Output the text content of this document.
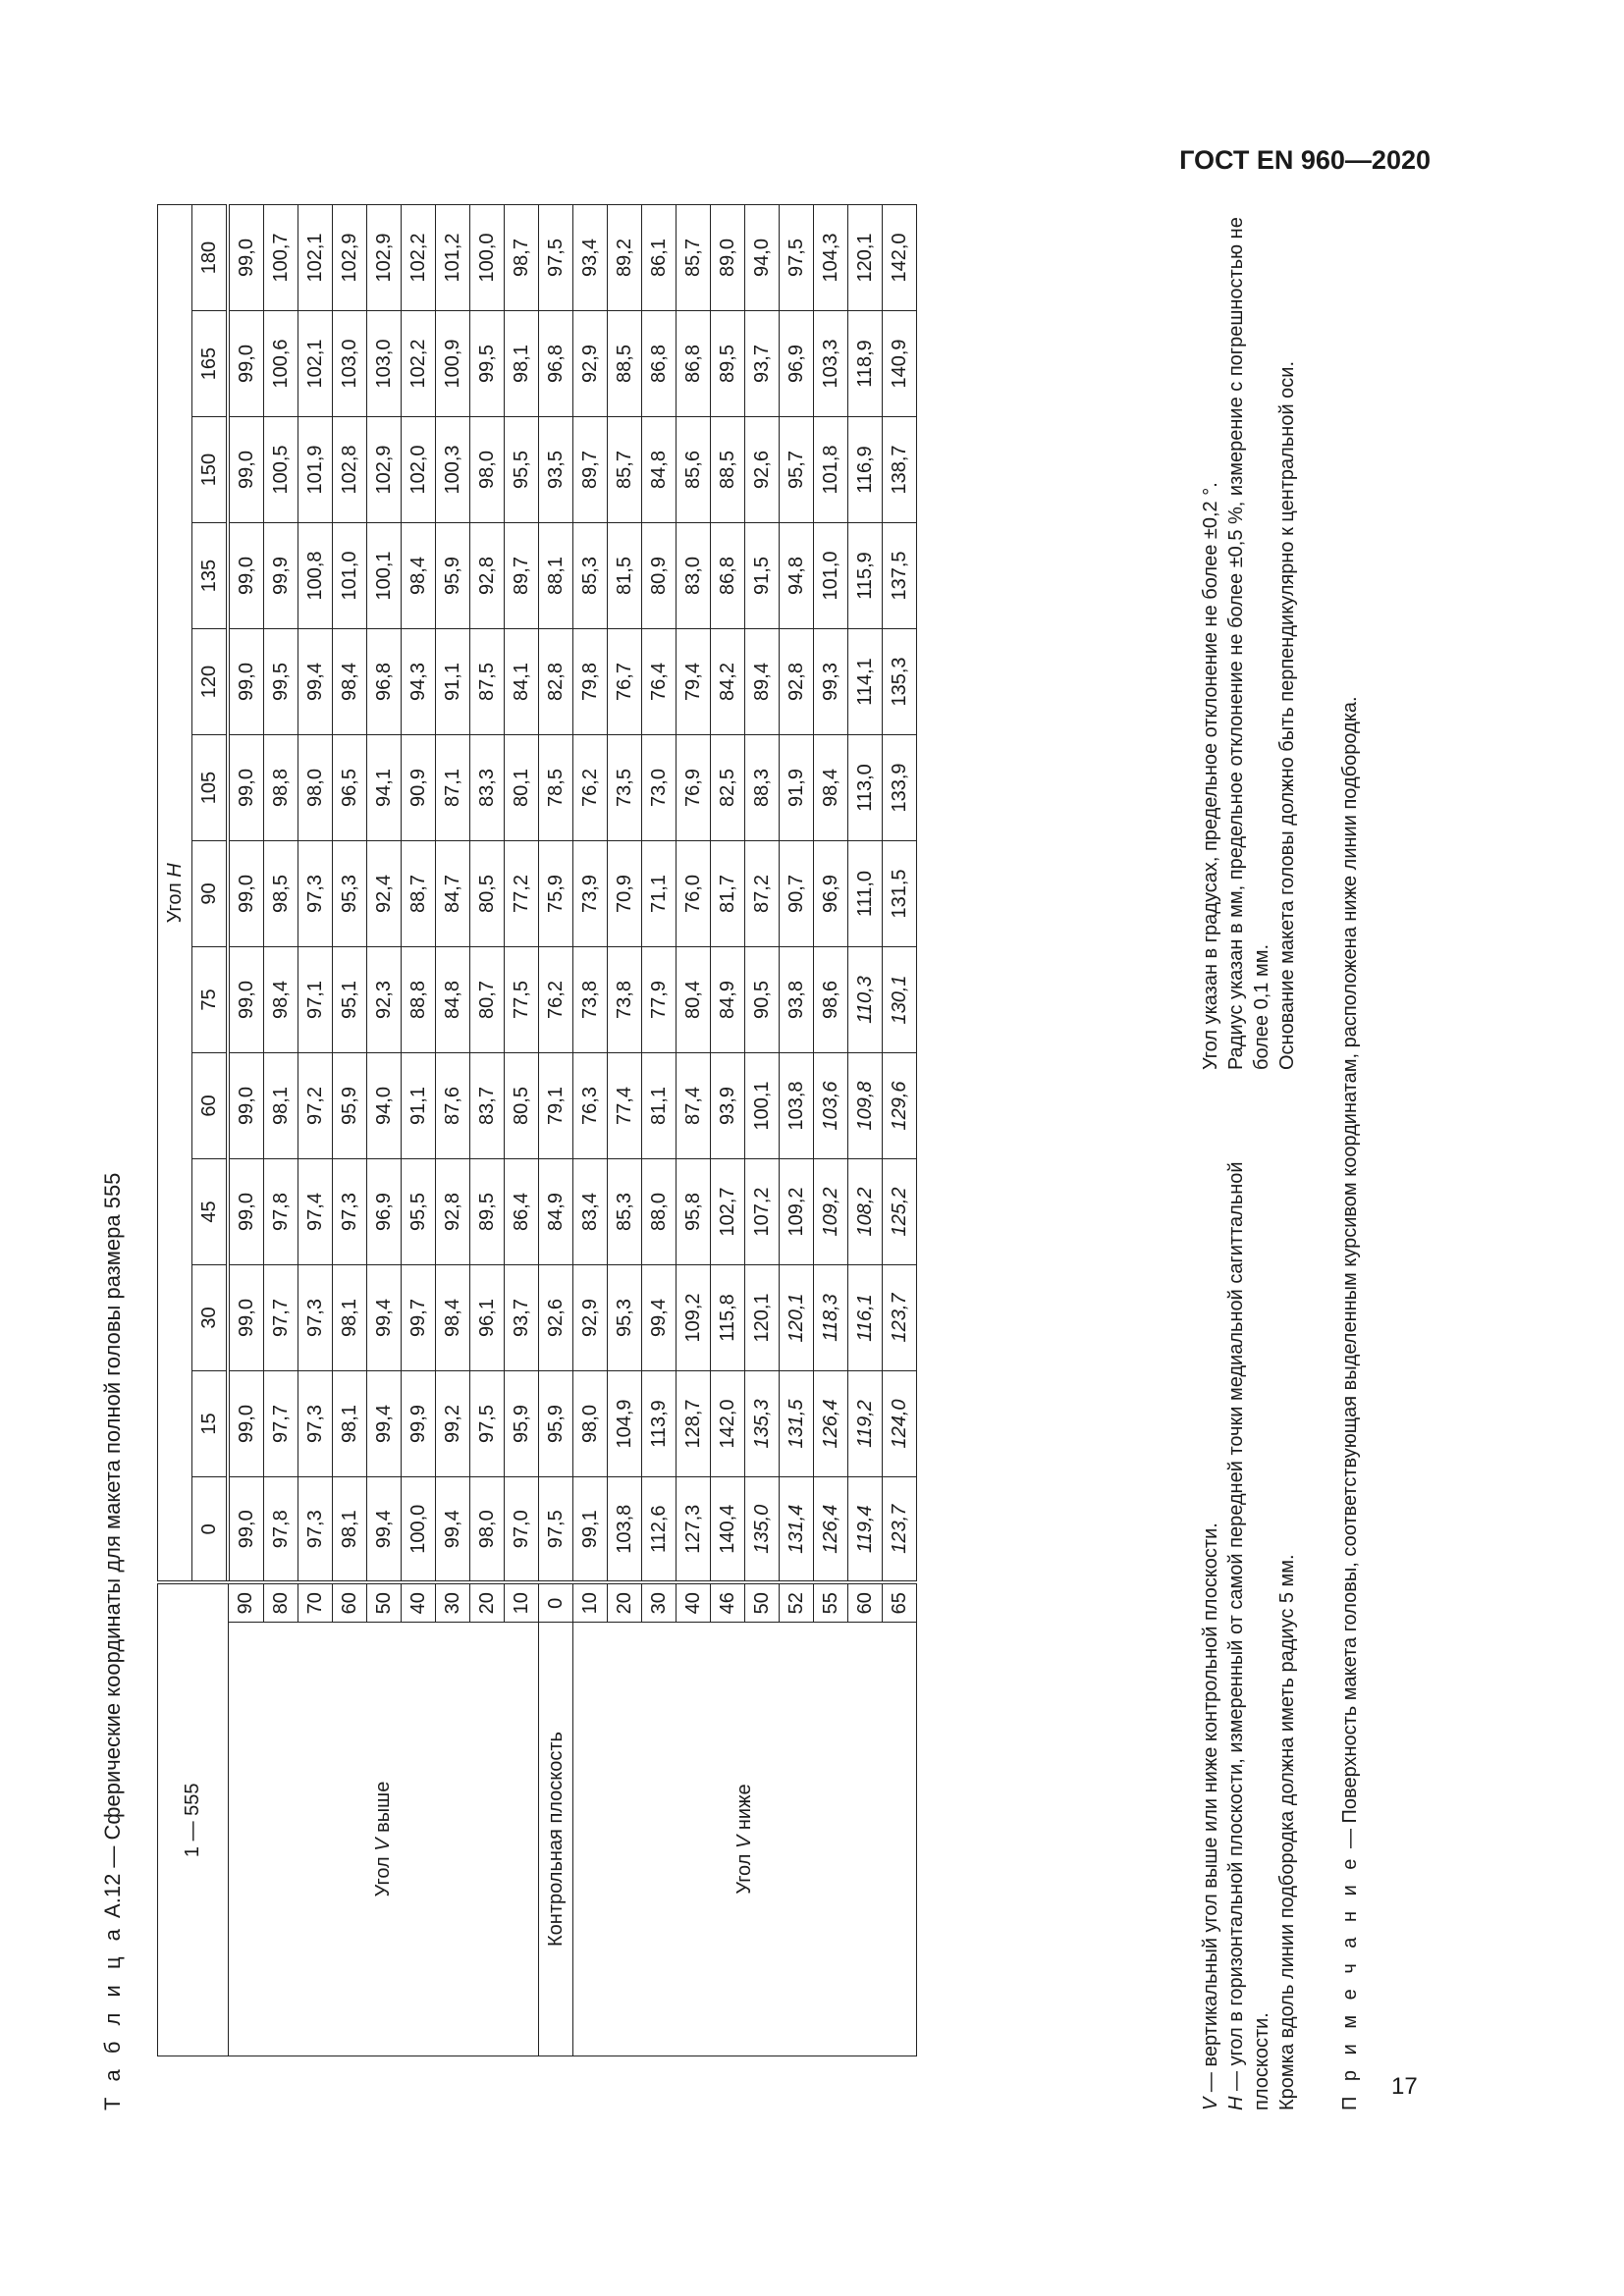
ГОСТ EN 960—2020
17
Т а б л и ц а А.12 — Сферические координаты для макета полной головы размера 555	1 — 555		Угол H												
		0	15	30	45	60	75	90	105	120	135	150	165	180
Угол V выше	90	99,0	99,0	99,0	99,0	99,0	99,0	99,0	99,0	99,0	99,0	99,0	99,0	99,0
	80	97,8	97,7	97,7	97,8	98,1	98,4	98,5	98,8	99,5	99,9	100,5	100,6	100,7
	70	97,3	97,3	97,3	97,4	97,2	97,1	97,3	98,0	99,4	100,8	101,9	102,1	102,1
	60	98,1	98,1	98,1	97,3	95,9	95,1	95,3	96,5	98,4	101,0	102,8	103,0	102,9
	50	99,4	99,4	99,4	96,9	94,0	92,3	92,4	94,1	96,8	100,1	102,9	103,0	102,9
	40	100,0	99,9	99,7	95,5	91,1	88,8	88,7	90,9	94,3	98,4	102,0	102,2	102,2
	30	99,4	99,2	98,4	92,8	87,6	84,8	84,7	87,1	91,1	95,9	100,3	100,9	101,2
	20	98,0	97,5	96,1	89,5	83,7	80,7	80,5	83,3	87,5	92,8	98,0	99,5	100,0
	10	97,0	95,9	93,7	86,4	80,5	77,5	77,2	80,1	84,1	89,7	95,5	98,1	98,7
Контрольная плоскость	0	97,5	95,9	92,6	84,9	79,1	76,2	75,9	78,5	82,8	88,1	93,5	96,8	97,5
Угол V ниже	10	99,1	98,0	92,9	83,4	76,3	73,8	73,9	76,2	79,8	85,3	89,7	92,9	93,4
	20	103,8	104,9	95,3	85,3	77,4	73,8	70,9	73,5	76,7	81,5	85,7	88,5	89,2
	30	112,6	113,9	99,4	88,0	81,1	77,9	71,1	73,0	76,4	80,9	84,8	86,8	86,1
	40	127,3	128,7	109,2	95,8	87,4	80,4	76,0	76,9	79,4	83,0	85,6	86,8	85,7
	46	140,4	142,0	115,8	102,7	93,9	84,9	81,7	82,5	84,2	86,8	88,5	89,5	89,0
	50	135,0	135,3	120,1	107,2	100,1	90,5	87,2	88,3	89,4	91,5	92,6	93,7	94,0
	52	131,4	131,5	120,1	109,2	103,8	93,8	90,7	91,9	92,8	94,8	95,7	96,9	97,5
	55	126,4	126,4	118,3	109,2	103,6	98,6	96,9	98,4	99,3	101,0	101,8	103,3	104,3
	60	119,4	119,2	116,1	108,2	109,8	110,3	111,0	113,0	114,1	115,9	116,9	118,9	120,1
	65	123,7	124,0	123,7	125,2	129,6	130,1	131,5	133,9	135,3	137,5	138,7	140,9	142,0
V — вертикальный угол выше или ниже контрольной плоскости.
H — угол в горизонтальной плоскости, измеренный от самой передней точки медиальной сагиттальной плоскости. Кромка вдоль линии подбородка должна иметь радиус 5 мм.
Угол указан в градусах, предельное отклонение не более ±0,2 °. Радиус указан в мм, предельное отклонение не более ±0,5 %, измерение с погрешностью не более 0,1 мм. Основание макета головы должно быть перпендикулярно к центральной оси.
П р и м е ч а н и е — Поверхность макета головы, соответствующая выделенным курсивом координатам, расположена ниже линии подбородка.
